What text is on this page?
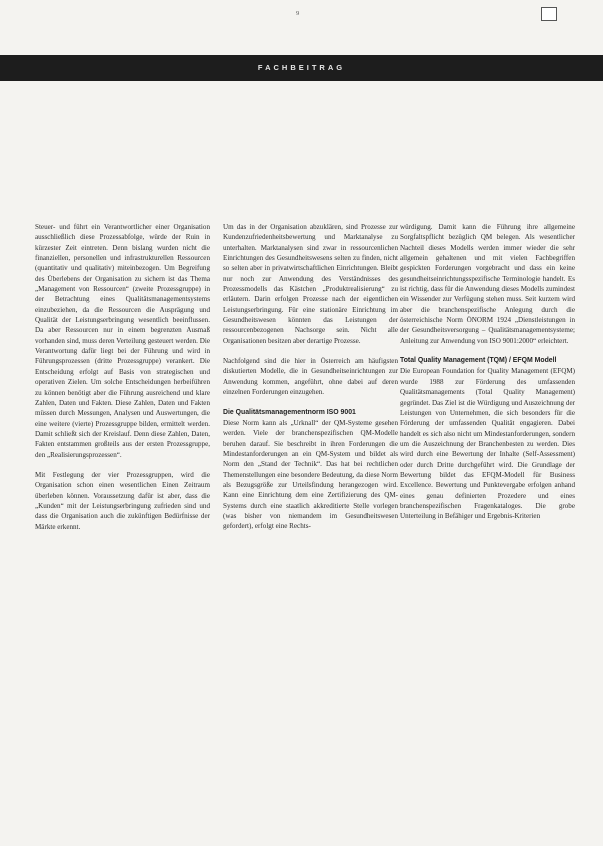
9
FACHBEITRAG

Steuer- und führt ein Verantwortlicher einer Organisation ausschließlich diese Prozessabfolge, würde der Ruin in kürzester Zeit eintreten. Denn bislang wurden nicht die finanziellen, personellen und infrastrukturellen Ressourcen (quantitativ und qualitativ) miteinbezogen. Um Begreifung des Überlebens der Organisation zu sichern ist das Thema „Management von Ressourcen“ (zweite Prozessgruppe) in der Betrachtung eines Qualitätsmanagementsystems einzubeziehen, da die Ressourcen die Ausprägung und Qualität der Leistungserbringung wesentlich beeinflussen. Da aber Ressourcen nur in einem begrenzten Ausmaß vorhanden sind, muss deren Verteilung gesteuert werden. Die Verantwortung dafür liegt bei der Führung und wird in Führungsprozessen (dritte Prozessgruppe) verankert. Die Entscheidung erfolgt auf Basis von strategischen und operativen Zielen. Um solche Entscheidungen herbeiführen zu können benötigt aber die Führung ausreichend und klare Zahlen, Daten und Fakten. Diese Zahlen, Daten und Fakten müssen durch Messungen, Analysen und Auswertungen, die eine weitere (vierte) Prozessgruppe bilden, ermittelt werden. Damit schließt sich der Kreislauf. Denn diese Zahlen, Daten, Fakten entstammen großteils aus der ersten Prozessgruppe, den „Realisierungsprozessen“.

Mit Festlegung der vier Prozessgruppen, wird die Organisation schon einen wesentlichen Einen Zeitraum überleben können. Voraussetzung dafür ist aber, dass die „Kunden“ mit der Leistungserbringung zufrieden sind und dass die Organisation auch die zukünftigen Bedürfnisse der Märkte erkennt.

Um das in der Organisation abzuklären, sind Prozesse zur Kundenzufriedenheitsbewertung und Marktanalyse zu unterhalten. Marktanalysen sind zwar in ressourcenlichen Einrichtungen des Gesundheitswesens selten zu finden, nicht so selten aber in privatwirtschaftlichen Einrichtungen. Bleibt nur noch zur Anwendung des Verständnisses des Prozessmodells das Kästchen „Produktrealisierung“ zu erläutern. Darin erfolgen Prozesse nach der eigentlichen Leistungserbringung. Für eine stationäre Einrichtung im Gesundheitswesen könnten das Leistungen der ressourcenbezogenen Nachsorge sein. Nicht alle Organisationen besitzen aber derartige Prozesse.

Nachfolgend sind die hier in Österreich am häufigsten diskutierten Modelle, die in Gesundheitseinrichtungen zur Anwendung kommen, angeführt, ohne dabei auf deren einzelnen Forderungen einzugehen.

Die Qualitätsmanagementnorm ISO 9001

Diese Norm kann als „Urknall“ der QM-Systeme gesehen werden. Viele der branchenspezifischen QM-Modelle beruhen darauf. Sie beschreibt in ihren Forderungen die Mindestanforderungen an ein QM-System und bildet als Norm den „Stand der Technik“. Das hat bei rechtlichen Themenstellungen eine besondere Bedeutung, da diese Norm als Bezugsgröße zur Urteilsfindung herangezogen wird. Kann eine Einrichtung dem eine Zertifizierung des QM-Systems durch eine staatlich akkreditierte Stelle vorlegen (was bisher von niemandem im Gesundheitswesen gefordert), erfolgt eine Rechts-

würdigung. Damit kann die Führung ihre allgemeine Sorgfaltspflicht bezüglich QM belegen. Als wesentlicher Nachteil dieses Modells werden immer wieder die sehr allgemein gehaltenen und mit vielen Fachbegriffen gespickten Forderungen vorgebracht und dass ein keine gesundheitseinrichtungsspezifische Terminologie handelt. Es ist richtig, dass für die Anwendung dieses Modells zumindest ein Wissender zur Verfügung stehen muss. Seit kurzem wird aber die branchenspezifische Anlegung durch die österreichische Norm ÖNORM 1924 „Dienstleistungen in der Gesundheitsversorgung – Qualitätsmanagementsysteme; Anleitung zur Anwendung von ISO 9001:2000“ erleichtert.

Total Quality Management (TQM) / EFQM Modell

Die European Foundation for Quality Management (EFQM) wurde 1988 zur Förderung des umfassenden Qualitätsmanagements (Total Quality Management) gegründet. Das Ziel ist die Würdigung und Auszeichnung der Leistungen von Unternehmen, die sich besonders für die Förderung der umfassenden Qualität engagieren. Dabei handelt es sich also nicht um Mindestanforderungen, sondern um die Auszeichnung der Branchenbesten zu werden. Dies wird durch eine Bewertung der Inhalte (Self-Assessment) oder durch Dritte durchgeführt wird. Die Grundlage der Bewertung bildet das EFQM-Modell für Business Excellence. Bewertung und Punktevergabe erfolgen anhand eines genau definierten Prozedere und eines branchenspezifischen Fragenkataloges. Die grobe Unterteilung in Befähiger und Ergebnis-Kriterien
